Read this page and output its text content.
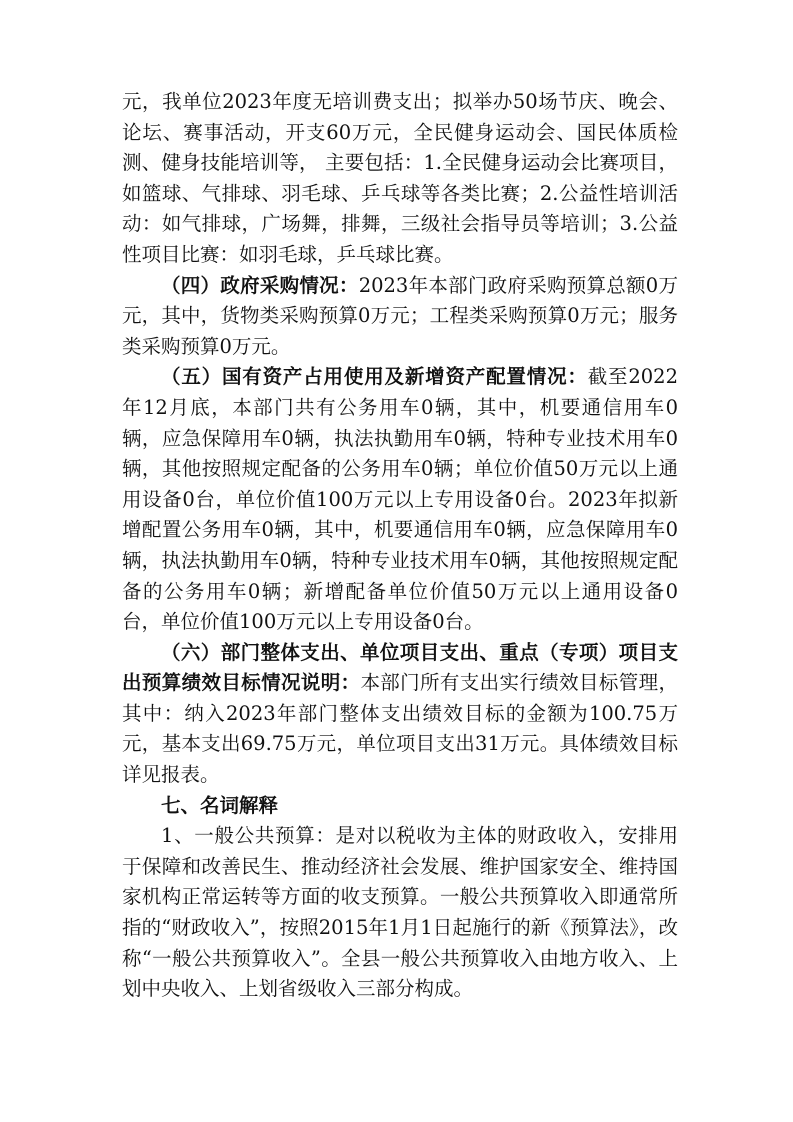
元，我单位2023年度无培训费支出；拟举办50场节庆、晚会、论坛、赛事活动，开支60万元，全民健身运动会、国民体质检测、健身技能培训等， 主要包括：1.全民健身运动会比赛项目，如篮球、气排球、羽毛球、乒乓球等各类比赛；2.公益性培训活动：如气排球，广场舞，排舞，三级社会指导员等培训；3.公益性项目比赛：如羽毛球，乒乓球比赛。

（四）政府采购情况：2023年本部门政府采购预算总额0万元，其中，货物类采购预算0万元；工程类采购预算0万元；服务类采购预算0万元。

（五）国有资产占用使用及新增资产配置情况：截至2022年12月底，本部门共有公务用车0辆，其中，机要通信用车0辆，应急保障用车0辆，执法执勤用车0辆，特种专业技术用车0辆，其他按照规定配备的公务用车0辆；单位价值50万元以上通用设备0台，单位价值100万元以上专用设备0台。2023年拟新增配置公务用车0辆，其中，机要通信用车0辆，应急保障用车0辆，执法执勤用车0辆，特种专业技术用车0辆，其他按照规定配备的公务用车0辆；新增配备单位价值50万元以上通用设备0台，单位价值100万元以上专用设备0台。

（六）部门整体支出、单位项目支出、重点（专项）项目支出预算绩效目标情况说明：本部门所有支出实行绩效目标管理，其中：纳入2023年部门整体支出绩效目标的金额为100.75万元，基本支出69.75万元，单位项目支出31万元。具体绩效目标详见报表。

七、名词解释

1、一般公共预算：是对以税收为主体的财政收入，安排用于保障和改善民生、推动经济社会发展、维护国家安全、维持国家机构正常运转等方面的收支预算。一般公共预算收入即通常所指的“财政收入”，按照2015年1月1日起施行的新《预算法》，改称“一般公共预算收入”。全县一般公共预算收入由地方收入、上划中央收入、上划省级收入三部分构成。
